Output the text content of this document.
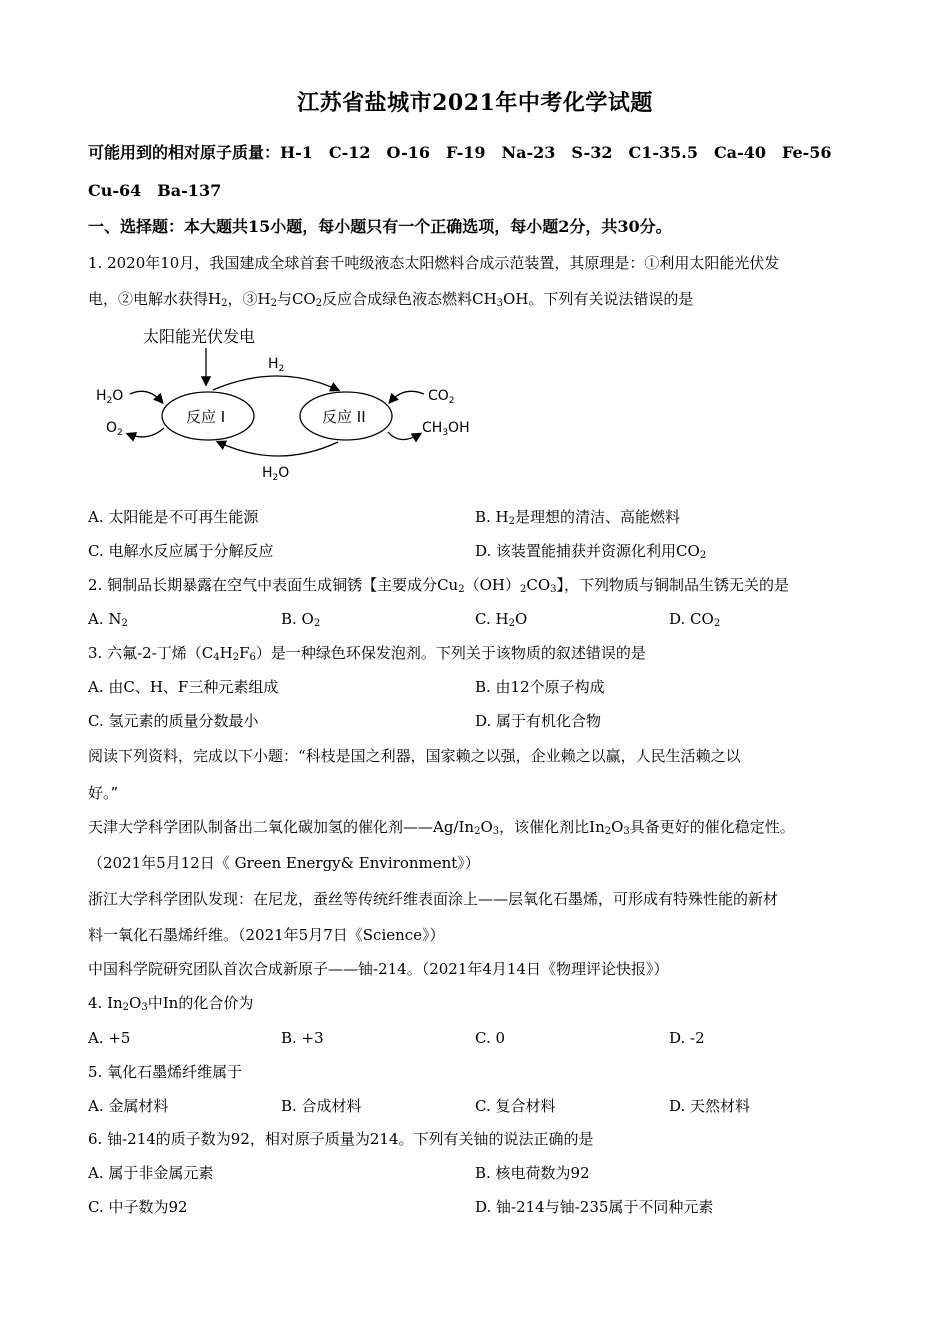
江苏省盐城市2021年中考化学试题
可能用到的相对原子质量：H-1　C-12　O-16　F-19　Na-23　S-32　C1-35.5　Ca-40　Fe-56
Cu-64　Ba-137
一、选择题：本大题共15小题，每小题只有一个正确选项，每小题2分，共30分。
1. 2020年10月，我国建成全球首套千吨级液态太阳燃料合成示范装置，其原理是：①利用太阳能光伏发
电，②电解水获得$H_2$，$③H_2$与$CO_2$反应合成绿色液态燃料$CH_3OH$。下列有关说法错误的是
太阳能光伏发电
反应 I	反应 II
$H_2$
$H_2O$
$H_2O$
$O_2$
$CO_2$
$CH_3OH$
A. 太阳能是不可再生能源	B. $H_2$是理想的清洁、高能燃料
C. 电解水反应属于分解反应	D. 该装置能捕获并资源化利用$CO_2$
2. 铜制品长期暴露在空气中表面生成铜锈【主要成分$Cu_2(OH)_2CO_3$】，下列物质与铜制品生锈无关的是
A. $N_2$	B. $O_2$	C. $H_2O$	D. $CO_2$
3. 六氟-2-丁烯$(C_4H_2F_6)$是一种绿色环保发泡剂。下列关于该物质的叙述错误的是
A. 由C、H、F三种元素组成	B. 由12个原子构成
C. 氢元素的质量分数最小	D. 属于有机化合物
阅读下列资料，完成以下小题：“科枝是国之利器，国家赖之以强，企业赖之以赢，人民生活赖之以
好。”
天津大学科学团队制备出二氧化碳加氢的催化剂$——Ag/In_2O_3$，该催化剂比$In_2O_3$具备更好的催化稳定性。
（2021年5月12日《 Green Energy& Environment》）
浙江大学科学团队发现：在尼龙，蚕丝等传统纤维表面涂上——层氧化石墨烯，可形成有特殊性能的新材
料一氧化石墨烯纤维。（2021年5月7日《Science》）
中国科学院研究团队首次合成新原子——铀-214。（2021年4月14日《物理评论快报》）
4. $In_2O_3$中In的化合价为
A. +5	B. +3	C. 0	D. -2
5. 氧化石墨烯纤维属于
A. 金属材料	B. 合成材料	C. 复合材料	D. 天然材料
6. 铀-214的质子数为92，相对原子质量为214。下列有关铀的说法正确的是
A. 属于非金属元素	B. 核电荷数为92
C. 中子数为92	D. 铀-214与铀-235属于不同种元素
